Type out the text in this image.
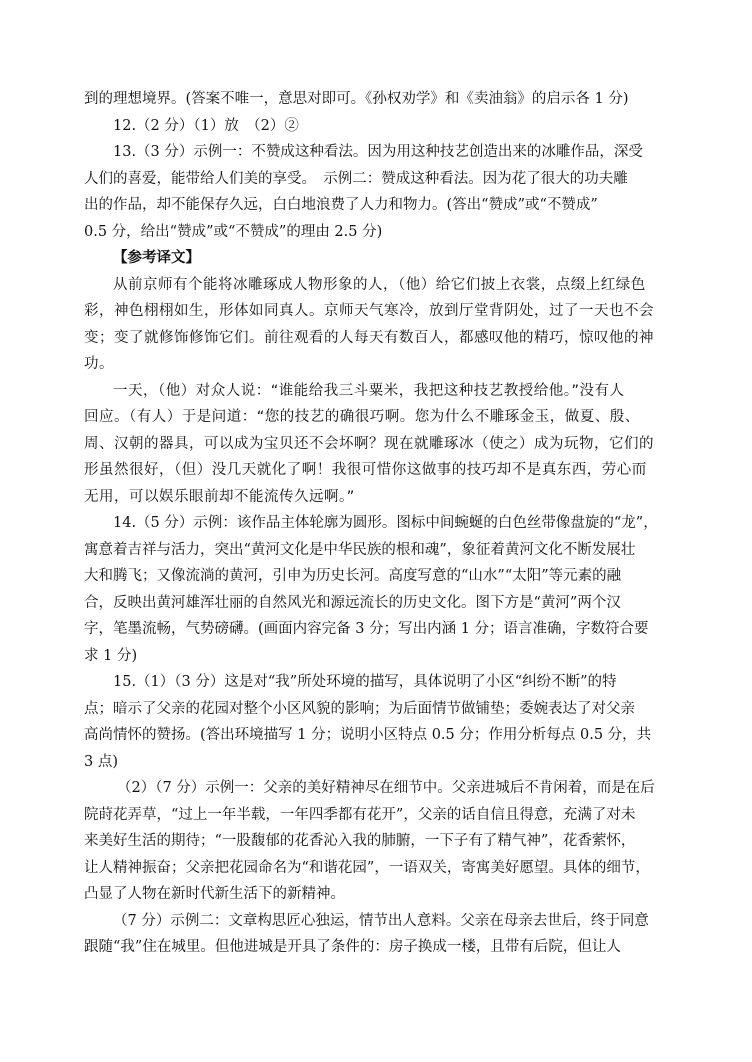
到的理想境界。(答案不唯一，意思对即可。《孙权劝学》和《卖油翁》的启示各 1 分)
12.（2 分）（1）放　（2）②
13.（3 分）示例一：不赞成这种看法。因为用这种技艺创造出来的冰雕作品，深受
人们的喜爱，能带给人们美的享受。　示例二：赞成这种看法。因为花了很大的功夫雕
出的作品，却不能保存久远，白白地浪费了人力和物力。(答出“赞成”或“不赞成”
0.5 分，给出“赞成”或“不赞成”的理由 2.5 分)
【参考译文】
从前京师有个能将冰雕琢成人物形象的人，（他）给它们披上衣裳，点缀上红绿色
彩，神色栩栩如生，形体如同真人。京师天气寒冷，放到厅堂背阴处，过了一天也不会
变；变了就修饰修饰它们。前往观看的人每天有数百人，都感叹他的精巧，惊叹他的神
功。
一天，（他）对众人说：“谁能给我三斗粟米，我把这种技艺教授给他。”没有人
回应。（有人）于是问道：“您的技艺的确很巧啊。您为什么不雕琢金玉，做夏、殷、
周、汉朝的器具，可以成为宝贝还不会坏啊？现在就雕琢冰（使之）成为玩物，它们的
形虽然很好，（但）没几天就化了啊！我很可惜你这做事的技巧却不是真东西，劳心而
无用，可以娱乐眼前却不能流传久远啊。”
14.（5 分）示例：该作品主体轮廓为圆形。图标中间蜿蜒的白色丝带像盘旋的“龙”，
寓意着吉祥与活力，突出“黄河文化是中华民族的根和魂”，象征着黄河文化不断发展壮
大和腾飞；又像流淌的黄河，引申为历史长河。高度写意的“山水”“太阳”等元素的融
合，反映出黄河雄浑壮丽的自然风光和源远流长的历史文化。图下方是“黄河”两个汉
字，笔墨流畅，气势磅礴。(画面内容完备 3 分；写出内涵 1 分；语言准确，字数符合要
求 1 分)
15.（1）（3 分）这是对“我”所处环境的描写，具体说明了小区“纠纷不断”的特
点；暗示了父亲的花园对整个小区风貌的影响；为后面情节做铺垫；委婉表达了对父亲
高尚情怀的赞扬。(答出环境描写 1 分；说明小区特点 0.5 分；作用分析每点 0.5 分，共
3 点)
（2）（7 分）示例一：父亲的美好精神尽在细节中。父亲进城后不肯闲着，而是在后
院莳花弄草，“过上一年半载，一年四季都有花开”，父亲的话自信且得意，充满了对未
来美好生活的期待；“一股馥郁的花香沁入我的肺腑，一下子有了精气神”，花香萦怀，
让人精神振奋；父亲把花园命名为“和谐花园”，一语双关，寄寓美好愿望。具体的细节，
凸显了人物在新时代新生活下的新精神。
（7 分）示例二：文章构思匠心独运，情节出人意料。父亲在母亲去世后，终于同意
跟随“我”住在城里。但他进城是开具了条件的：房子换成一楼，且带有后院，但让人
